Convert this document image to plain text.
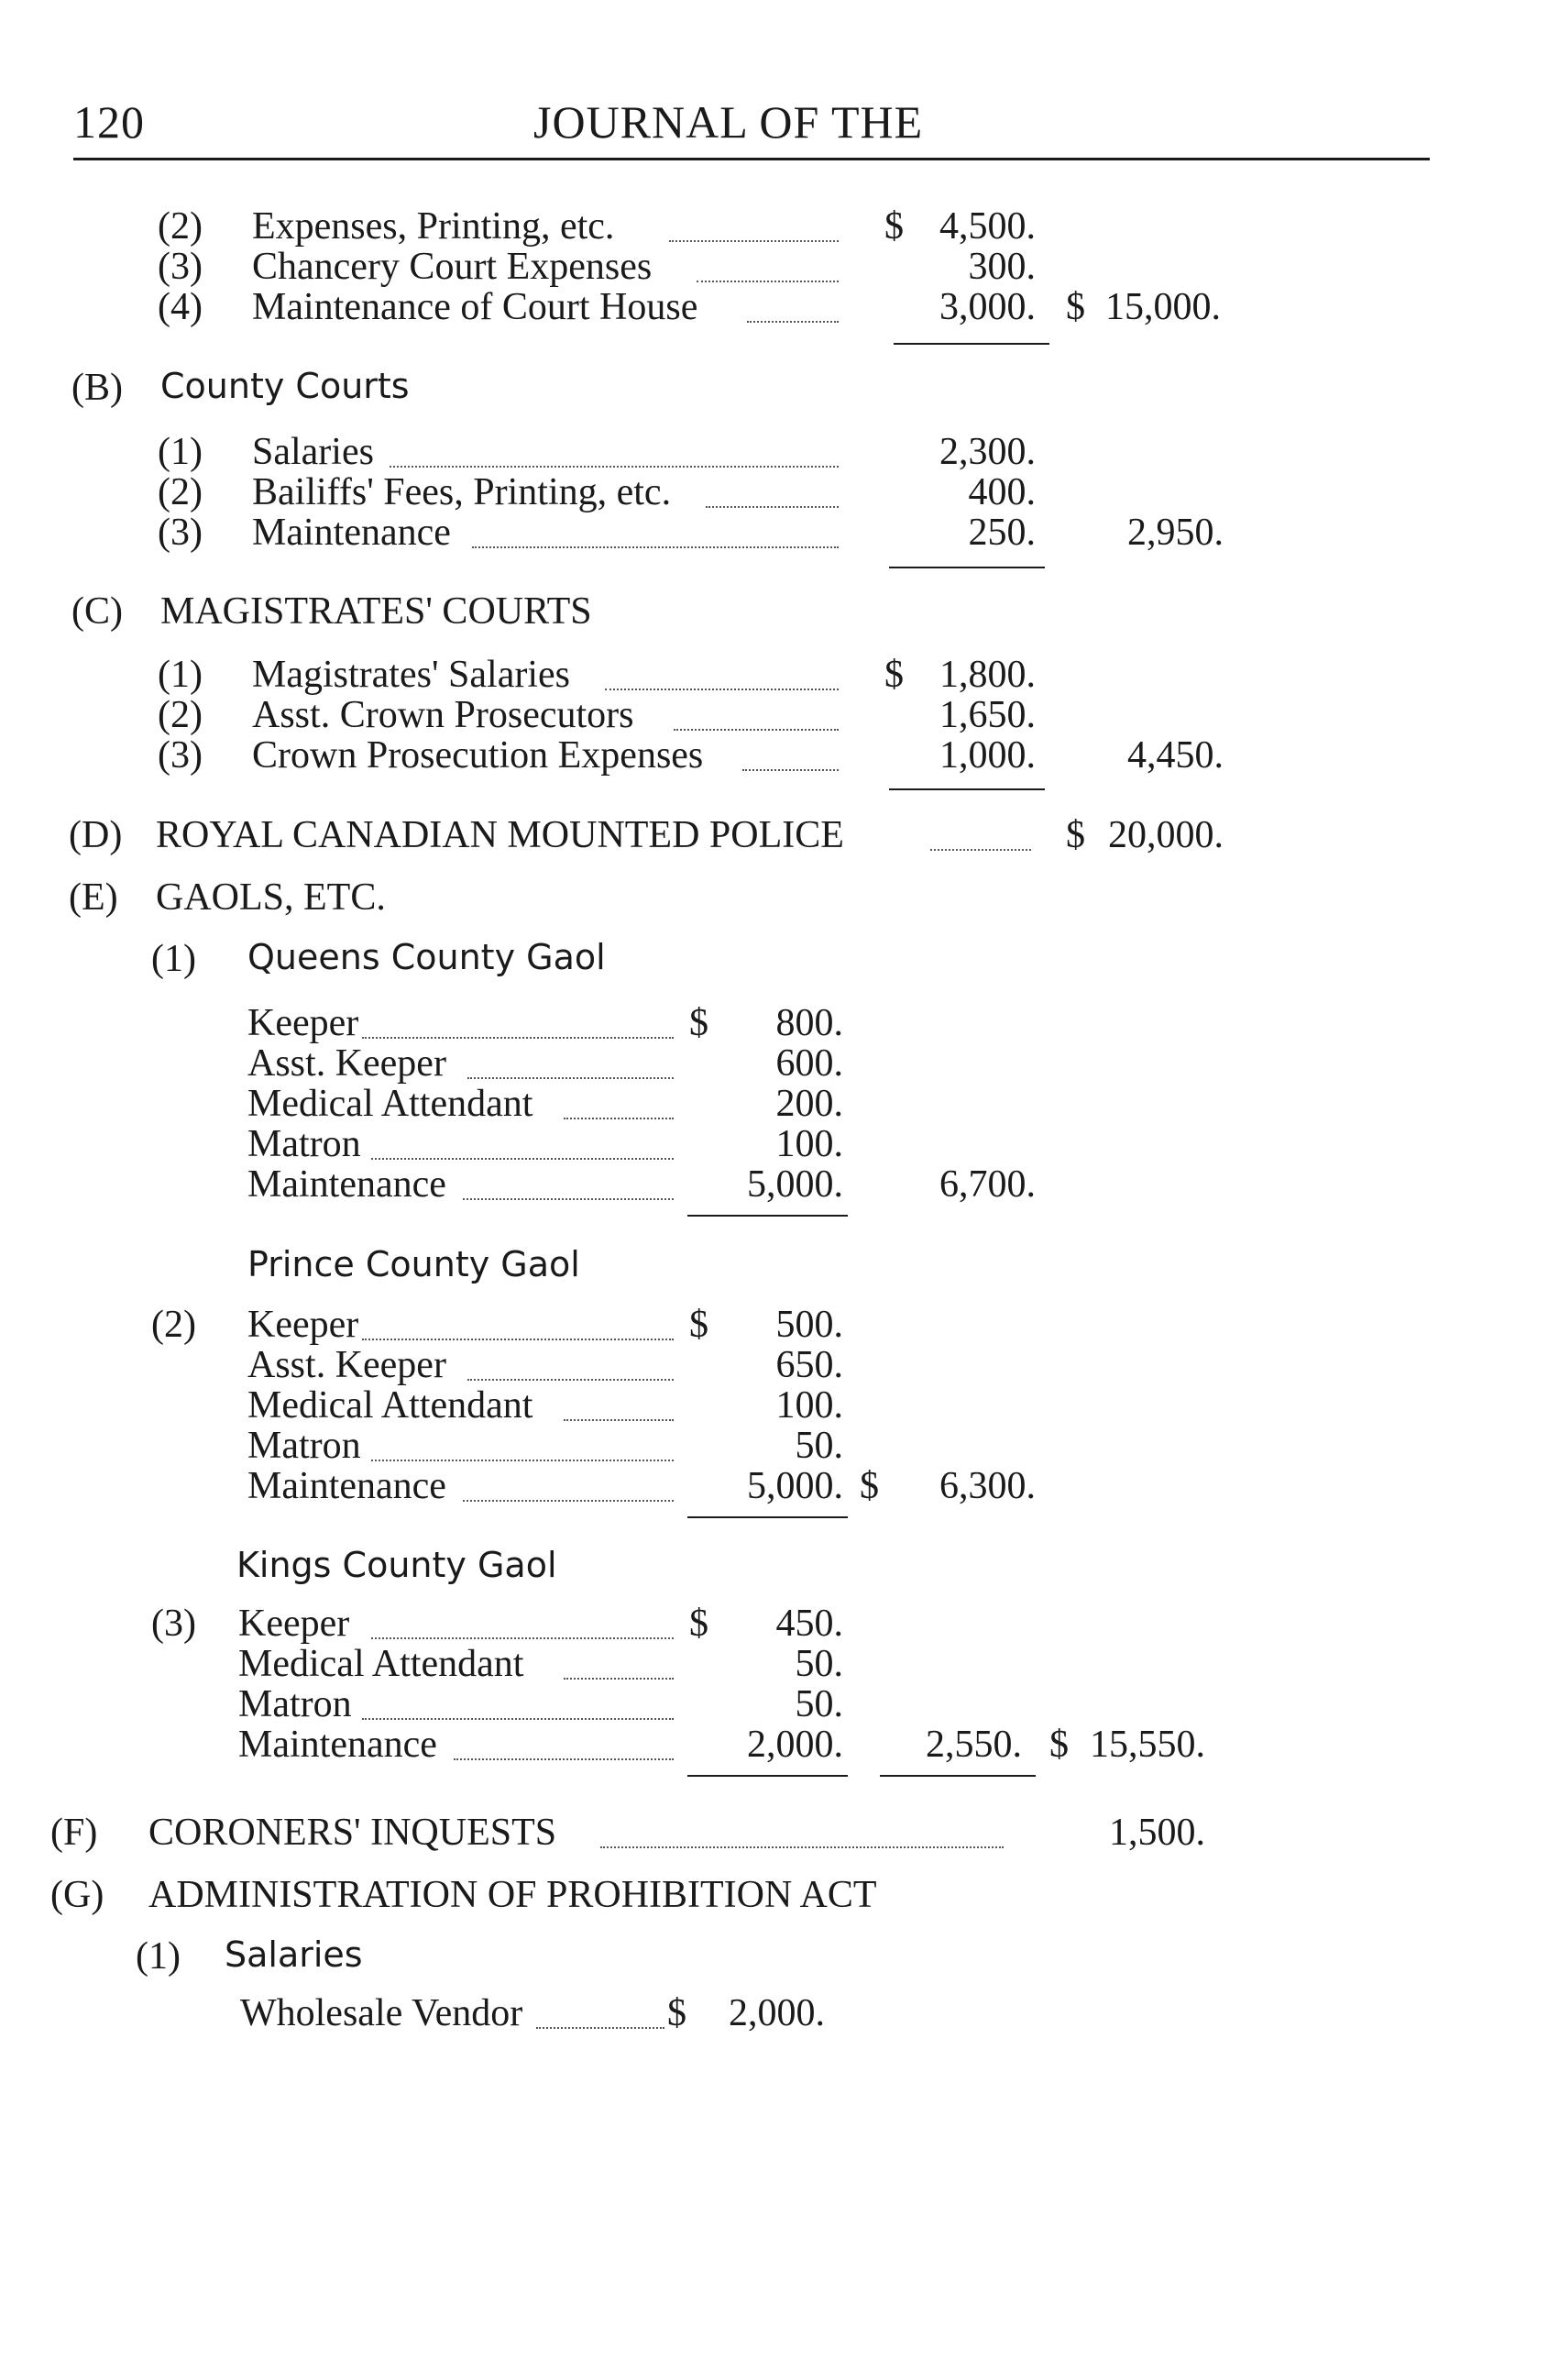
120	JOURNAL OF THE
(2) Expenses, Printing, etc.	$ 4,500.
(3) Chancery Court Expenses	300.
(4) Maintenance of Court House	3,000. $ 15,000.
(B) County Courts
(1) Salaries	2,300.
(2) Bailiffs' Fees, Printing, etc.	400.
(3) Maintenance	250.	2,950.
(C) MAGISTRATES' COURTS
(1) Magistrates' Salaries	$ 1,800.
(2) Asst. Crown Prosecutors	1,650.
(3) Crown Prosecution Expenses	1,000.	4,450.
(D) ROYAL CANADIAN MOUNTED POLICE	$ 20,000.
(E) GAOLS, ETC.
(1) Queens County Gaol
Keeper	$	800.
Asst. Keeper	600.
Medical Attendant	200.
Matron	100.
Maintenance	5,000.	6,700.
Prince County Gaol
(2) Keeper	$	500.
Asst. Keeper	650.
Medical Attendant	100.
Matron	50.
Maintenance	5,000. $	6,300.
Kings County Gaol
(3) Keeper	$	450.
Medical Attendant	50.
Matron	50.
Maintenance	2,000.	2,550. $ 15,550.
(F) CORONERS' INQUESTS	1,500.
(G) ADMINISTRATION OF PROHIBITION ACT
(1) Salaries
Wholesale Vendor	$	2,000.
